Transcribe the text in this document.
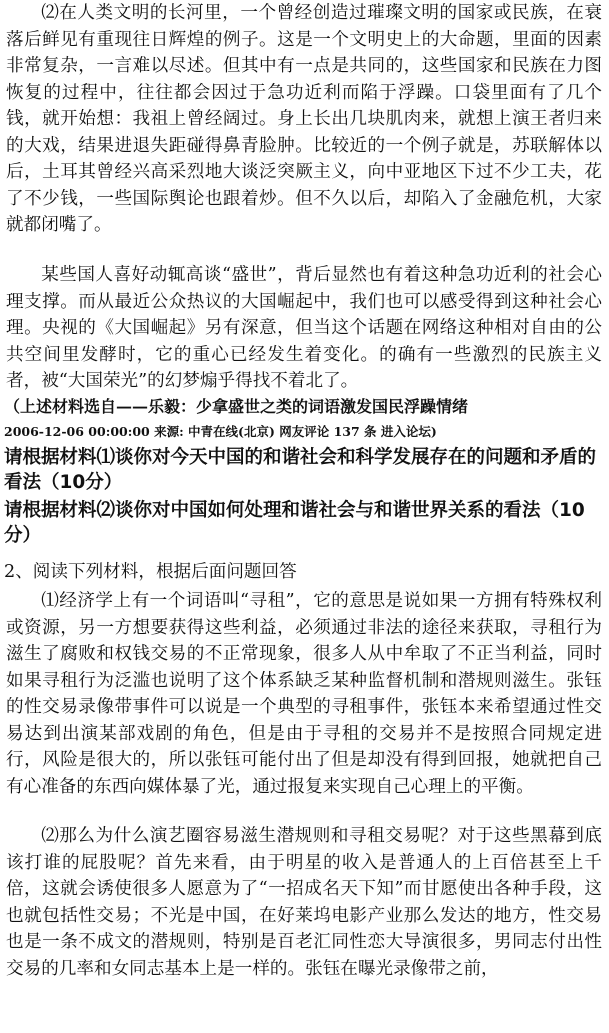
⑵在人类文明的长河里，一个曾经创造过璀璨文明的国家或民族，在衰落后鲜见有重现往日辉煌的例子。这是一个文明史上的大命题，里面的因素非常复杂，一言难以尽述。但其中有一点是共同的，这些国家和民族在力图恢复的过程中，往往都会因过于急功近利而陷于浮躁。口袋里面有了几个钱，就开始想：我祖上曾经阔过。身上长出几块肌肉来，就想上演王者归来的大戏，结果进退失距碰得鼻青脸肿。比较近的一个例子就是，苏联解体以后，土耳其曾经兴高采烈地大谈泛突厥主义，向中亚地区下过不少工夫，花了不少钱，一些国际舆论也跟着炒。但不久以后，却陷入了金融危机，大家就都闭嘴了。

某些国人喜好动辄高谈“盛世”，背后显然也有着这种急功近利的社会心理支撑。而从最近公众热议的大国崛起中，我们也可以感受得到这种社会心理。央视的《大国崛起》另有深意，但当这个话题在网络这种相对自由的公共空间里发酵时，它的重心已经发生着变化。的确有一些激烈的民族主义者，被“大国荣光”的幻梦煽乎得找不着北了。

（上述材料选自——乐毅：少拿盛世之类的词语激发国民浮躁情绪

2006-12-06 00:00:00 来源: 中青在线(北京) 网友评论 137 条 进入论坛)

请根据材料⑴谈你对今天中国的和谐社会和科学发展存在的问题和矛盾的看法（10分）

请根据材料⑵谈你对中国如何处理和谐社会与和谐世界关系的看法（10分）

2、阅读下列材料，根据后面问题回答

⑴经济学上有一个词语叫“寻租”，它的意思是说如果一方拥有特殊权利或资源，另一方想要获得这些利益，必须通过非法的途径来获取，寻租行为滋生了腐败和权钱交易的不正常现象，很多人从中牟取了不正当利益，同时如果寻租行为泛滥也说明了这个体系缺乏某种监督机制和潜规则滋生。张钰的性交易录像带事件可以说是一个典型的寻租事件，张钰本来希望通过性交易达到出演某部戏剧的角色，但是由于寻租的交易并不是按照合同规定进行，风险是很大的，所以张钰可能付出了但是却没有得到回报，她就把自己有心准备的东西向媒体暴了光，通过报复来实现自己心理上的平衡。

⑵那么为什么演艺圈容易滋生潜规则和寻租交易呢？对于这些黑幕到底该打谁的屁股呢？首先来看，由于明星的收入是普通人的上百倍甚至上千倍，这就会诱使很多人愿意为了“一招成名天下知”而甘愿使出各种手段，这也就包括性交易；不光是中国，在好莱坞电影产业那么发达的地方，性交易也是一条不成文的潜规则，特别是百老汇同性恋大导演很多，男同志付出性交易的几率和女同志基本上是一样的。张钰在曝光录像带之前，
